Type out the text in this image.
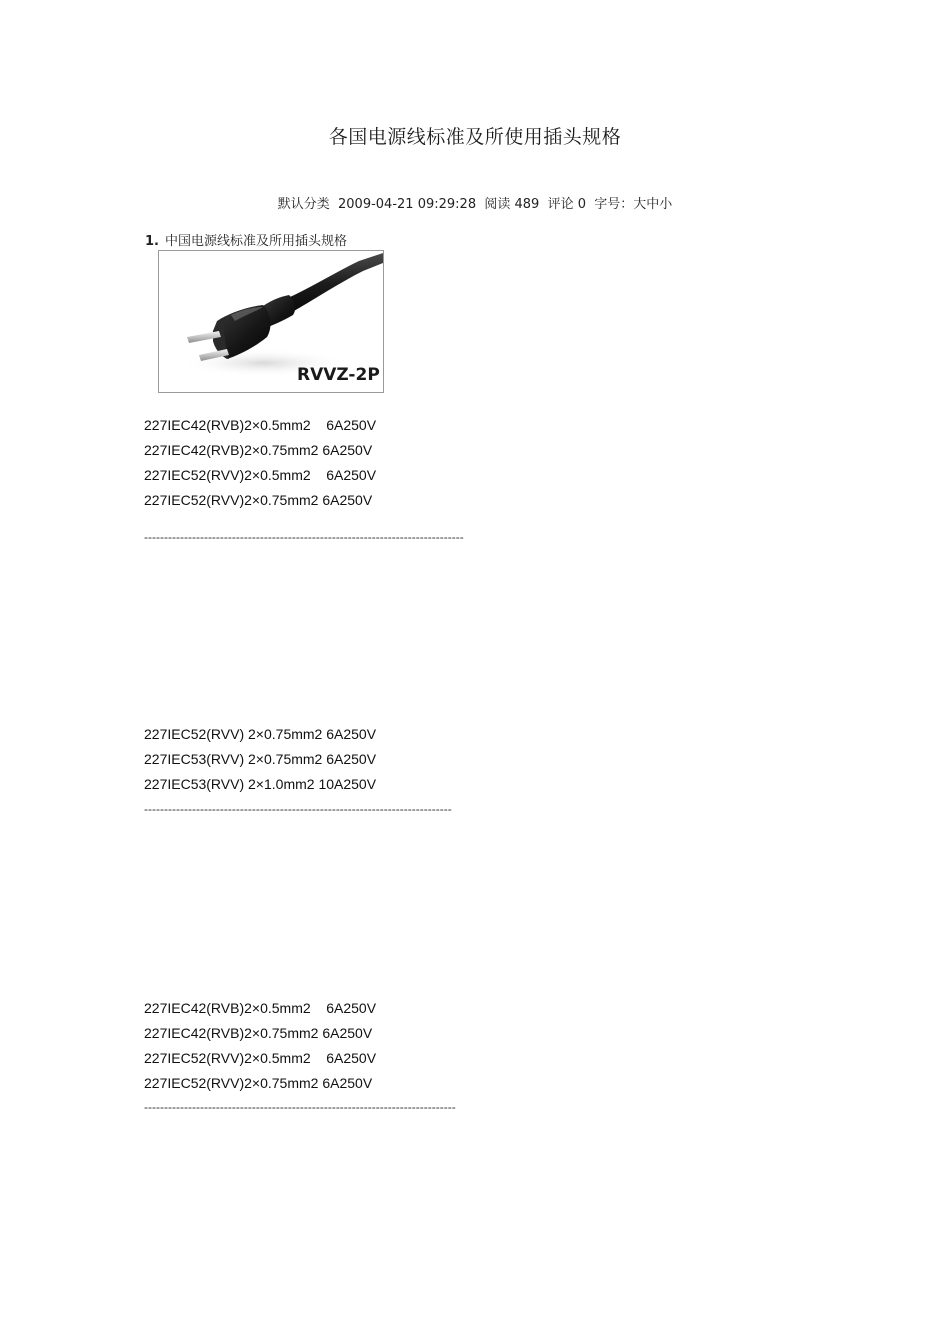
各国电源线标准及所使用插头规格
默认分类 2009-04-21 09:29:28 阅读 489 评论 0 字号：大中小
1. 中国电源线标准及所用插头规格
RVVZ-2P
227IEC42(RVB)2×0.5mm2    6A250V
227IEC42(RVB)2×0.75mm2 6A250V
227IEC52(RVV)2×0.5mm2    6A250V
227IEC52(RVV)2×0.75mm2 6A250V
--------------------------------------------------------------------------------
227IEC52(RVV) 2×0.75mm2 6A250V
227IEC53(RVV) 2×0.75mm2 6A250V
227IEC53(RVV) 2×1.0mm2 10A250V
-----------------------------------------------------------------------------
227IEC42(RVB)2×0.5mm2    6A250V
227IEC42(RVB)2×0.75mm2 6A250V
227IEC52(RVV)2×0.5mm2    6A250V
227IEC52(RVV)2×0.75mm2 6A250V
------------------------------------------------------------------------------
